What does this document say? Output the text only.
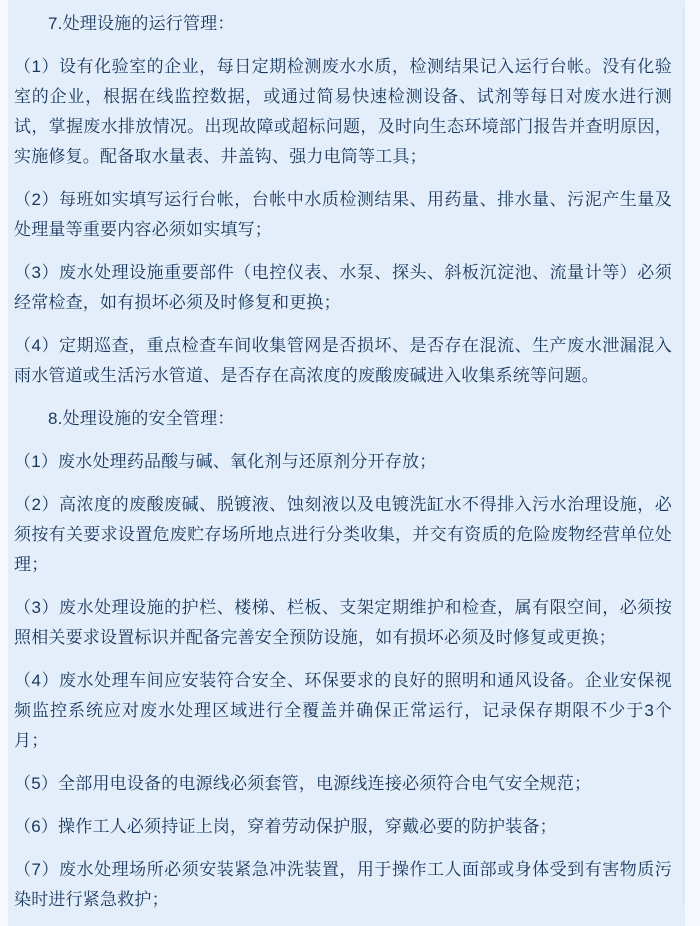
7.处理设施的运行管理：

（1）设有化验室的企业，每日定期检测废水水质，检测结果记入运行台帐。没有化验室的企业，根据在线监控数据，或通过简易快速检测设备、试剂等每日对废水进行测试，掌握废水排放情况。出现故障或超标问题，及时向生态环境部门报告并查明原因，实施修复。配备取水量表、井盖钩、强力电筒等工具；

（2）每班如实填写运行台帐，台帐中水质检测结果、用药量、排水量、污泥产生量及处理量等重要内容必须如实填写；

（3）废水处理设施重要部件（电控仪表、水泵、探头、斜板沉淀池、流量计等）必须经常检查，如有损坏必须及时修复和更换；

（4）定期巡查，重点检查车间收集管网是否损坏、是否存在混流、生产废水泄漏混入雨水管道或生活污水管道、是否存在高浓度的废酸废碱进入收集系统等问题。

8.处理设施的安全管理：

（1）废水处理药品酸与碱、氧化剂与还原剂分开存放；

（2）高浓度的废酸废碱、脱镀液、蚀刻液以及电镀洗缸水不得排入污水治理设施，必须按有关要求设置危废贮存场所地点进行分类收集，并交有资质的危险废物经营单位处理；

（3）废水处理设施的护栏、楼梯、栏板、支架定期维护和检查，属有限空间，必须按照相关要求设置标识并配备完善安全预防设施，如有损坏必须及时修复或更换；

（4）废水处理车间应安装符合安全、环保要求的良好的照明和通风设备。企业安保视频监控系统应对废水处理区域进行全覆盖并确保正常运行，记录保存期限不少于3个月；

（5）全部用电设备的电源线必须套管，电源线连接必须符合电气安全规范；

（6）操作工人必须持证上岗，穿着劳动保护服，穿戴必要的防护装备；

（7）废水处理场所必须安装紧急冲洗装置，用于操作工人面部或身体受到有害物质污染时进行紧急救护；
